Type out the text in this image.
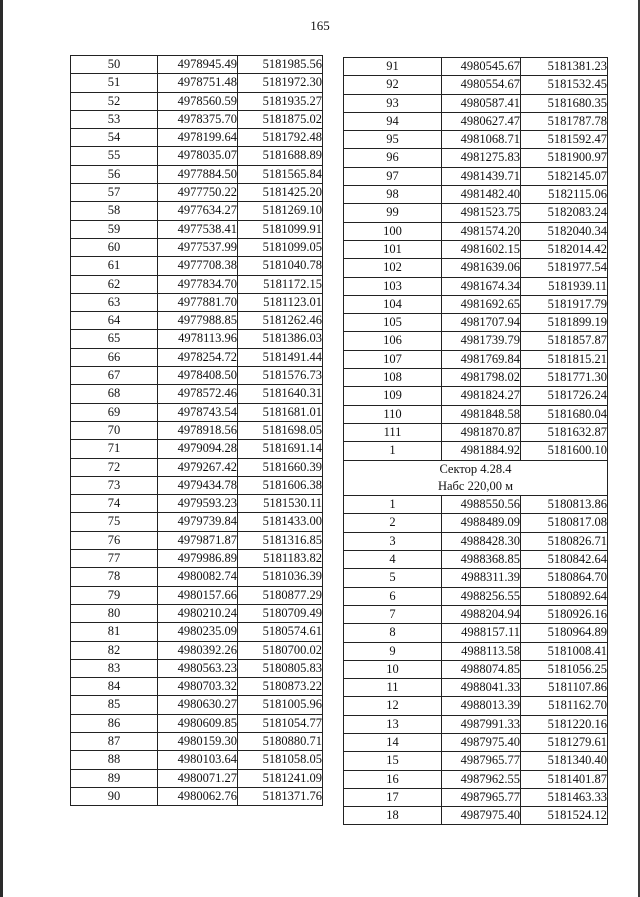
165
50	4978945.49	5181985.56
51	4978751.48	5181972.30
52	4978560.59	5181935.27
53	4978375.70	5181875.02
54	4978199.64	5181792.48
55	4978035.07	5181688.89
56	4977884.50	5181565.84
57	4977750.22	5181425.20
58	4977634.27	5181269.10
59	4977538.41	5181099.91
60	4977537.99	5181099.05
61	4977708.38	5181040.78
62	4977834.70	5181172.15
63	4977881.70	5181123.01
64	4977988.85	5181262.46
65	4978113.96	5181386.03
66	4978254.72	5181491.44
67	4978408.50	5181576.73
68	4978572.46	5181640.31
69	4978743.54	5181681.01
70	4978918.56	5181698.05
71	4979094.28	5181691.14
72	4979267.42	5181660.39
73	4979434.78	5181606.38
74	4979593.23	5181530.11
75	4979739.84	5181433.00
76	4979871.87	5181316.85
77	4979986.89	5181183.82
78	4980082.74	5181036.39
79	4980157.66	5180877.29
80	4980210.24	5180709.49
81	4980235.09	5180574.61
82	4980392.26	5180700.02
83	4980563.23	5180805.83
84	4980703.32	5180873.22
85	4980630.27	5181005.96
86	4980609.85	5181054.77
87	4980159.30	5180880.71
88	4980103.64	5181058.05
89	4980071.27	5181241.09
90	4980062.76	5181371.76
91	4980545.67	5181381.23
92	4980554.67	5181532.45
93	4980587.41	5181680.35
94	4980627.47	5181787.78
95	4981068.71	5181592.47
96	4981275.83	5181900.97
97	4981439.71	5182145.07
98	4981482.40	5182115.06
99	4981523.75	5182083.24
100	4981574.20	5182040.34
101	4981602.15	5182014.42
102	4981639.06	5181977.54
103	4981674.34	5181939.11
104	4981692.65	5181917.79
105	4981707.94	5181899.19
106	4981739.79	5181857.87
107	4981769.84	5181815.21
108	4981798.02	5181771.30
109	4981824.27	5181726.24
110	4981848.58	5181680.04
111	4981870.87	5181632.87
1	4981884.92	5181600.10

Сектор 4.28.4
Набс 220,00 м		

1	4988550.56	5180813.86
2	4988489.09	5180817.08
3	4988428.30	5180826.71
4	4988368.85	5180842.64
5	4988311.39	5180864.70
6	4988256.55	5180892.64
7	4988204.94	5180926.16
8	4988157.11	5180964.89
9	4988113.58	5181008.41
10	4988074.85	5181056.25
11	4988041.33	5181107.86
12	4988013.39	5181162.70
13	4987991.33	5181220.16
14	4987975.40	5181279.61
15	4987965.77	5181340.40
16	4987962.55	5181401.87
17	4987965.77	5181463.33
18	4987975.40	5181524.12
